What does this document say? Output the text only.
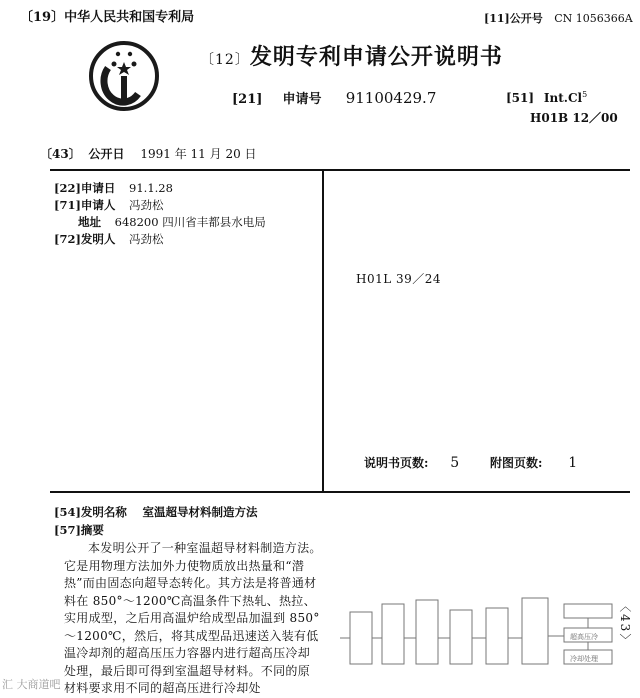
〔19〕中华人民共和国专利局	[11]公开号 CN 1056366A
〔12〕发明专利申请公开说明书
[21] 申请号 91100429.7	[51] Int.Cl$^5$
H01B 12／00
〔43〕 公开日 1991 年 11 月 20 日
[22]申请日 91.1.28
[71]申请人 冯劲松
地址 648200 四川省丰都县水电局
[72]发明人 冯劲松
H01L 39／24
说明书页数: 5	附图页数: 1
[54]发明名称 室温超导材料制造方法
[57]摘要
本发明公开了一种室温超导材料制造方法。它是用物理方法加外力使物质放出热量和“潜热”而由固态向超导态转化。其方法是将普通材料在 850°～1200℃高温条件下热轧、热拉、实用成型，之后用高温炉给成型品加温到 850°～1200℃，然后，将其成型品迅速送入装有低温冷却剂的超高压压力容器内进行超高压冷却处理，最后即可得到室温超导材料。不同的原材料要求用不同的超高压进行冷却处
超高压冷
冷却处理
〈43〉
汇 大商道吧
